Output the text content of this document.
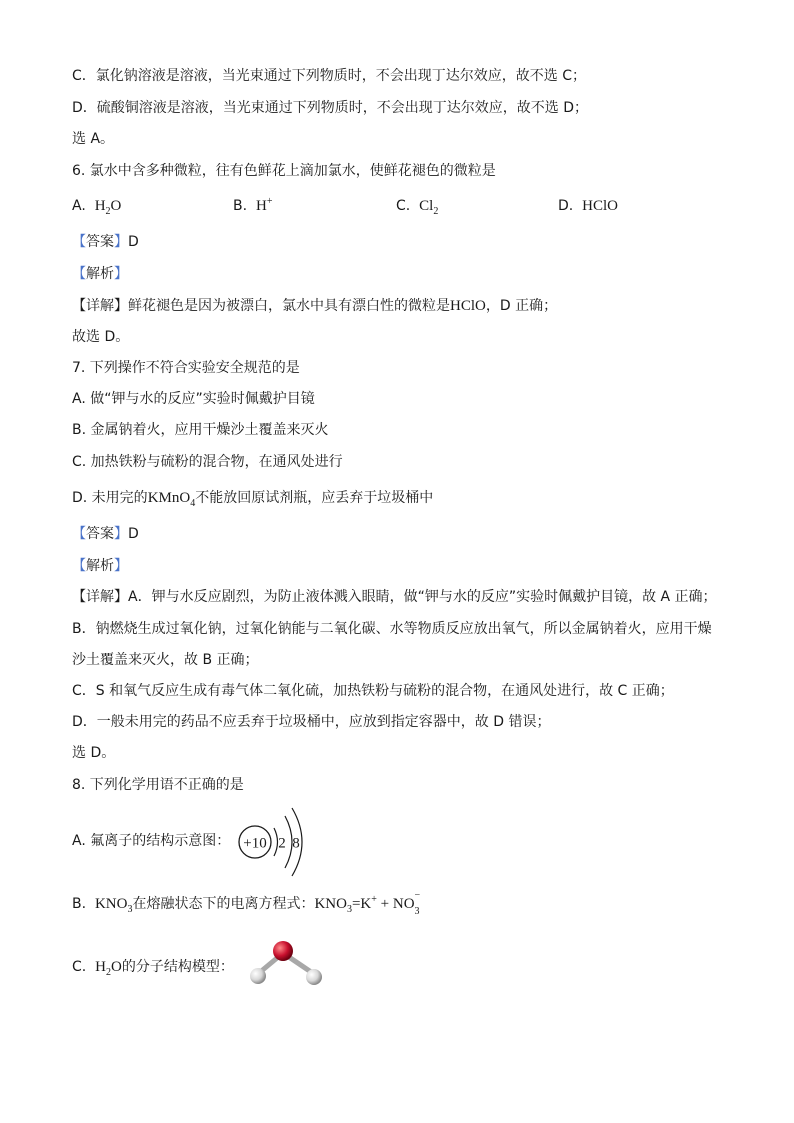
C．氯化钠溶液是溶液，当光束通过下列物质时，不会出现丁达尔效应，故不选 C；
D．硫酸铜溶液是溶液，当光束通过下列物质时，不会出现丁达尔效应，故不选 D；
选 A。
6. 氯水中含多种微粒，往有色鲜花上滴加氯水，使鲜花褪色的微粒是
A. $H_2O$	B. H+	C. $Cl_2$	D. HClO
【答案】D
【解析】
【详解】鲜花褪色是因为被漂白，氯水中具有漂白性的微粒是HClO，D 正确；
故选 D。
7. 下列操作不符合实验安全规范的是
A. 做“钾与水的反应”实验时佩戴护目镜
B. 金属钠着火，应用干燥沙土覆盖来灭火
C. 加热铁粉与硫粉的混合物，在通风处进行
D. 未用完的KMnO$_4$不能放回原试剂瓶，应丢弃于垃圾桶中
【答案】D
【解析】
【详解】A．钾与水反应剧烈，为防止液体溅入眼睛，做“钾与水的反应”实验时佩戴护目镜，故 A 正确；
B．钠燃烧生成过氧化钠，过氧化钠能与二氧化碳、水等物质反应放出氧气，所以金属钠着火，应用干燥
沙土覆盖来灭火，故 B 正确；
C．S 和氧气反应生成有毒气体二氧化硫，加热铁粉与硫粉的混合物，在通风处进行，故 C 正确；
D．一般未用完的药品不应丢弃于垃圾桶中，应放到指定容器中，故 D 错误；
选 D。
8. 下列化学用语不正确的是
A. 氟离子的结构示意图： +10 2 8
B. $KNO_3$在熔融状态下的电离方程式：$KNO_3=K^+$ + NO
−
3
C. $H_2O$的分子结构模型：
